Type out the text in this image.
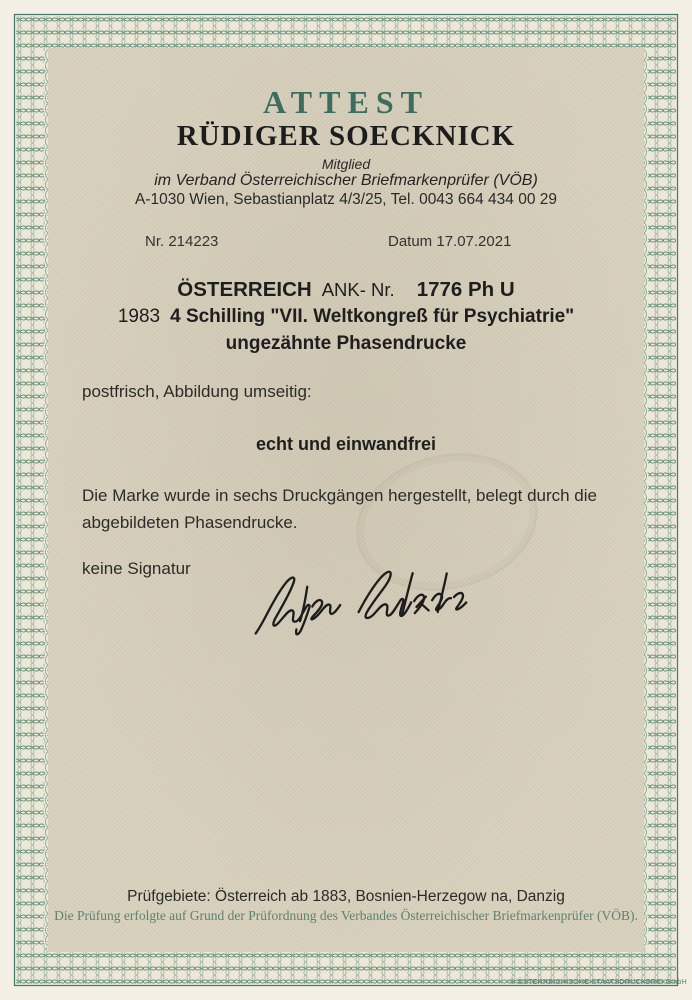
ATTEST
RÜDIGER SOECKNICK
Mitglied
im Verband Österreichischer Briefmarkenprüfer (VÖB)
A-1030 Wien, Sebastianplatz 4/3/25, Tel. 0043 664 434 00 29
Nr. 214223	Datum 17.07.2021
ÖSTERREICH ANK- Nr. 1776 Ph U
1983 4 Schilling "VII. Weltkongreß für Psychiatrie"
ungezähnte Phasendrucke
postfrisch, Abbildung umseitig:
echt und einwandfrei
Die Marke wurde in sechs Druckgängen hergestellt, belegt durch die abgebildeten Phasendrucke.
keine Signatur
Prüfgebiete: Österreich ab 1883, Bosnien-Herzegow na, Danzig
Die Prüfung erfolgte auf Grund der Prüfordnung des Verbandes Österreichischer Briefmarkenprüfer (VÖB).
© ÖSTERREICHISCHE STAATSDRUCKEREI GmbH
